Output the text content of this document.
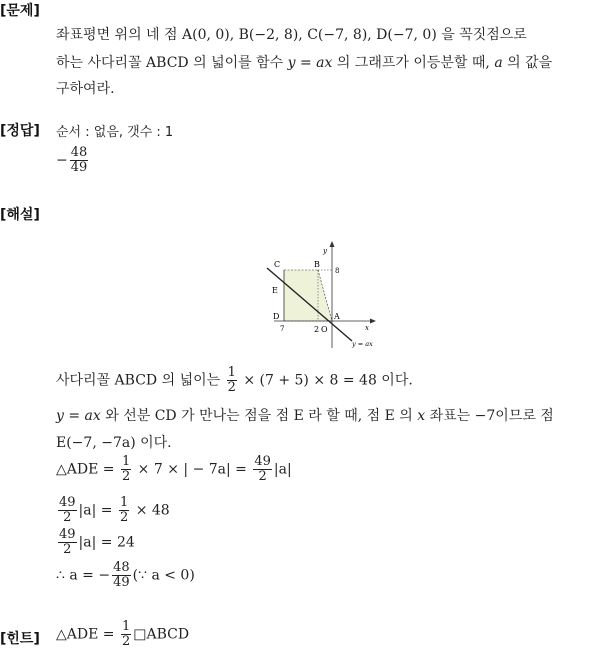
[문제]
좌표평면 위의 네 점 A(0, 0), B(−2, 8), C(−7, 8), D(−7, 0) 을 꼭짓점으로
하는 사다리꼴 ABCD 의 넓이를 함수 y = ax 의 그래프가 이등분할 때, a 의 값을
구하여라.
[정답] 순서 : 없음, 갯수 : 1
− $\frac{48}{49}$
[해설]
y
x
B
C
E
D	A
O
8
7	2
y = ax
사다리꼴 ABCD 의 넓이는 $\frac{1}{2} \times (7 + 5) \times 8 = 48$ 이다.
y = ax 와 선분 CD 가 만나는 점을 점 E 라 할 때, 점 E 의 x 좌표는 −7이므로 점
E(−7, −7a) 이다.
△ADE = $\frac{1}{2} \times 7$ × | − $7a| = \frac{49}{2} |a|$
$\frac{49}{2} |a| = \frac{1}{2} \times 48$
$\frac{49}{2} |a| = 24$
∴ a = − $\frac{48}{49}$ (∵ a < 0)
[힌트] △ADE = $\frac{1}{2}$ □ABCD
